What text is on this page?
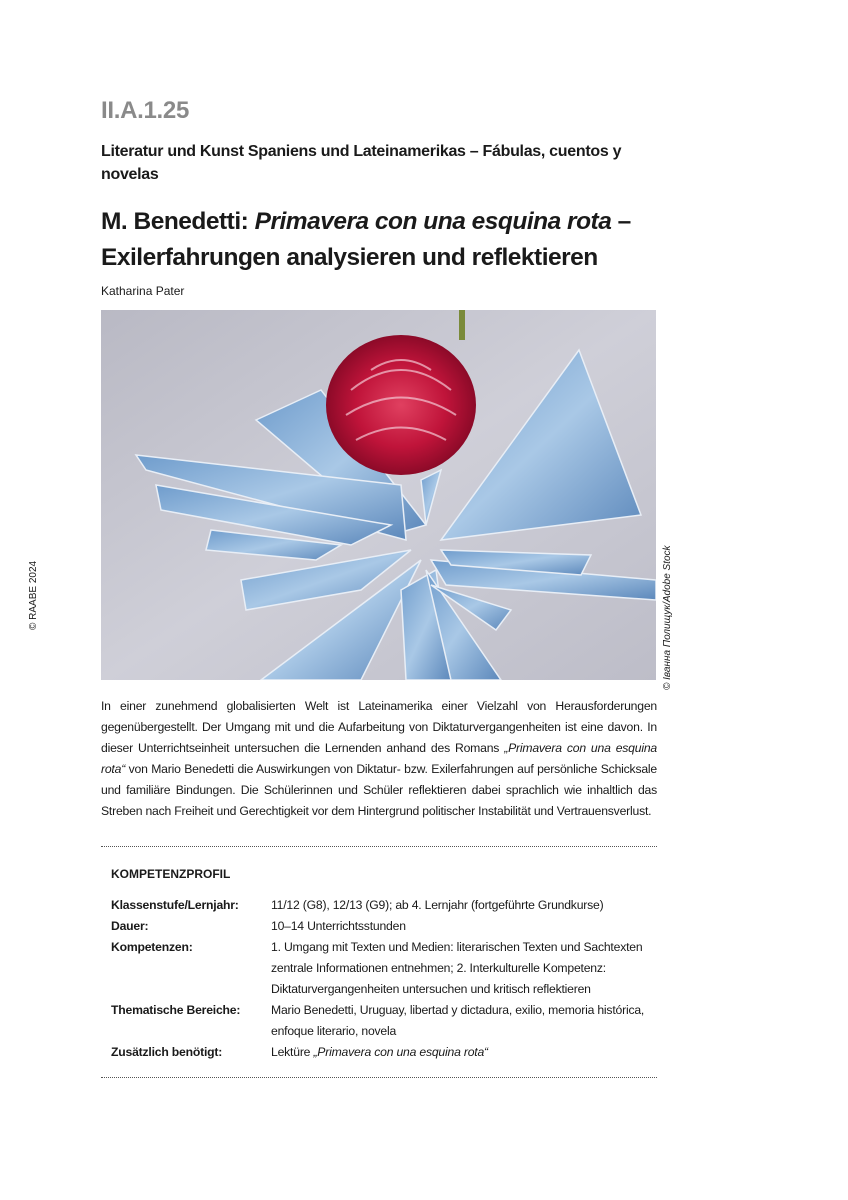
© RAABE 2024
II.A.1.25
Literatur und Kunst Spaniens und Lateinamerikas – Fábulas, cuentos y novelas
M. Benedetti: Primavera con una esquina rota –
Exilerfahrungen analysieren und reflektieren
Katharina Pater
In einer zunehmend globalisierten Welt ist Lateinamerika einer Vielzahl von Herausforderungen gegenübergestellt. Der Umgang mit und die Aufarbeitung von Diktaturvergangenheiten ist eine davon. In dieser Unterrichtseinheit untersuchen die Lernenden anhand des Romans „Primavera con una esquina rota“ von Mario Benedetti die Auswirkungen von Diktatur- bzw. Exilerfahrungen auf persönliche Schicksale und familiäre Bindungen. Die Schülerinnen und Schüler reflektieren dabei sprachlich wie inhaltlich das Streben nach Freiheit und Gerechtigkeit vor dem Hintergrund politischer Instabilität und Vertrauensverlust.
KOMPETENZPROFIL
Klassenstufe/Lernjahr:	11/12 (G8), 12/13 (G9); ab 4. Lernjahr (fortgeführte Grundkurse)
Dauer:	10–14 Unterrichtsstunden
Kompetenzen:	1. Umgang mit Texten und Medien: literarischen Texten und Sachtexten zentrale Informationen entnehmen; 2. Interkulturelle Kompetenz: Diktaturvergangenheiten untersuchen und kritisch reflektieren
Thematische Bereiche:	Mario Benedetti, Uruguay, libertad y dictadura, exilio, memoria histórica, enfoque literario, novela
Zusätzlich benötigt:	Lektüre „Primavera con una esquina rota“
© Іванна Полищук/Adobe Stock
